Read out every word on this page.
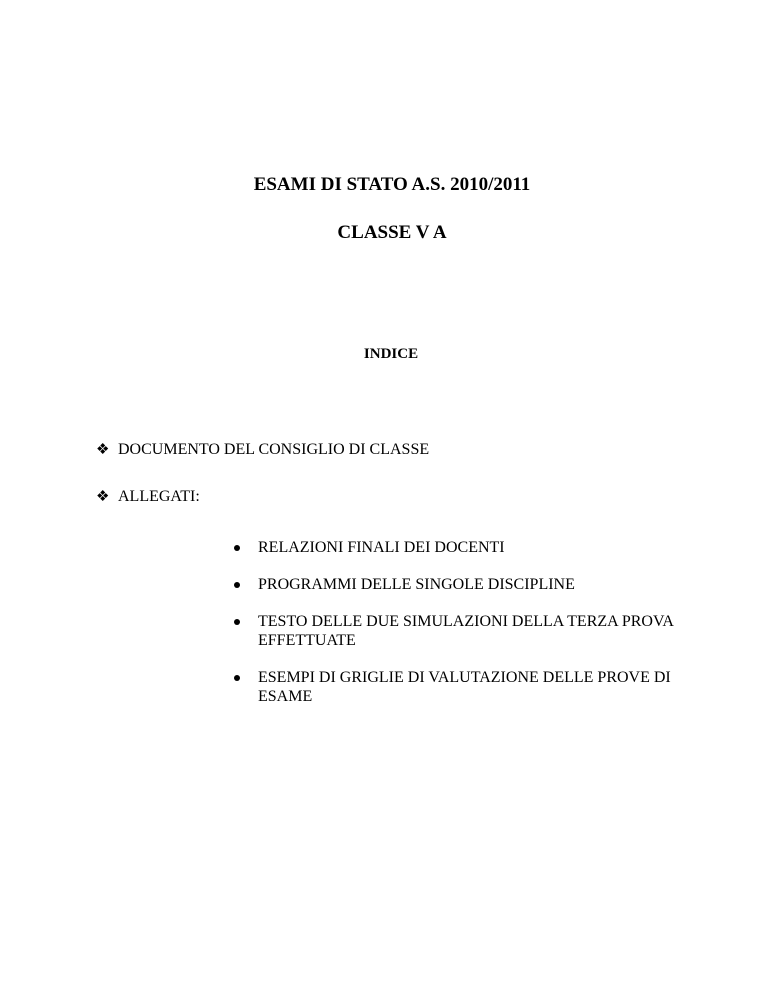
ESAMI DI STATO A.S. 2010/2011
CLASSE V A
INDICE
❖ DOCUMENTO DEL CONSIGLIO DI CLASSE
❖ ALLEGATI:
RELAZIONI FINALI DEI DOCENTI
PROGRAMMI DELLE SINGOLE DISCIPLINE
TESTO DELLE DUE SIMULAZIONI DELLA TERZA PROVA EFFETTUATE
ESEMPI DI GRIGLIE DI VALUTAZIONE DELLE PROVE DI ESAME
